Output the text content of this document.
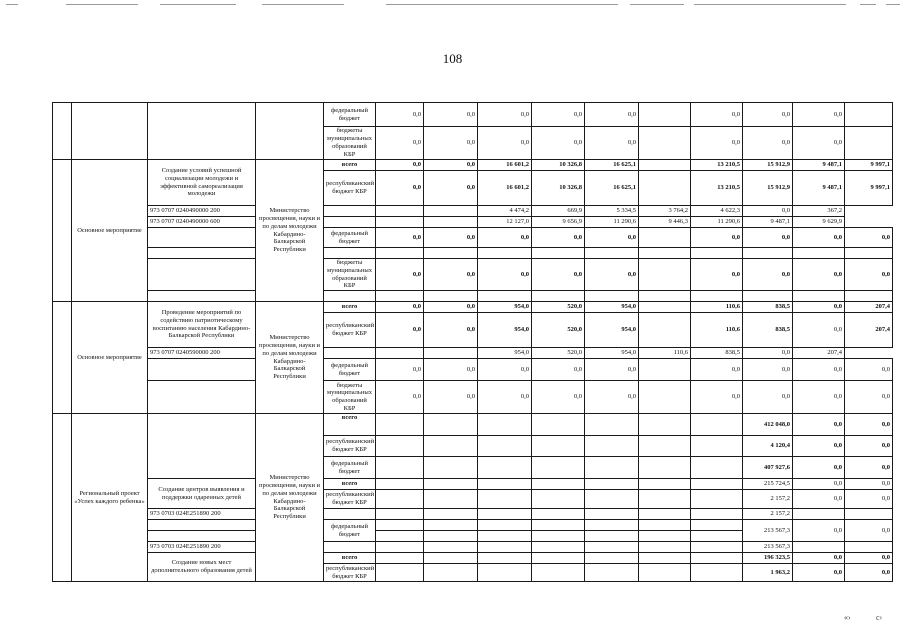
108
				федеральный бюджет	0,0	0,0	0,0	0,0	0,0		0,0	0,0	0,0	
				бюджеты муниципальных образований КБР	0,0	0,0	0,0	0,0	0,0		0,0	0,0	0,0	
	Основное мероприятие	Создание условий успешной социализации молодежи и эффективной самореализация молодежи	Министерство просвещения, науки и по делам молодежи Кабардино-Балкарской Республики	всего	0,0	0,0	16 601,2	10 326,8	16 625,1		13 210,5	15 912,9	9 487,1	9 997,1
				республиканский бюджет КБР	0,0	0,0	16 601,2	10 326,8	16 625,1		13 210,5	15 912,9	9 487,1	9 997,1
		973 0707 0240490000 200					4 474,2	669,9	5 334,5	3 764,2	4 622,3	0,0	367,2	
		973 0707 0240490000 600					12 127,0	9 656,9	11 290,6	9 446,3	11 290,6	9 487,1	9 629,9	
				федеральный бюджет	0,0	0,0	0,0	0,0	0,0		0,0	0,0	0,0	0,0

				бюджеты муниципальных образований КБР	0,0	0,0	0,0	0,0	0,0		0,0	0,0	0,0	0,0

	Основное мероприятие	Проведение мероприятий по содействию патриотическому воспитанию населения Кабардино-Балкарской Республики	Министерство просвещения, науки и по делам молодежи Кабардино-Балкарской Республики	всего	0,0	0,0	954,0	520,0	954,0		110,6	838,5	0,0	207,4
				республиканский бюджет КБР	0,0	0,0	954,0	520,0	954,0		110,6	838,5	0,0	207,4
		973 0707 0240590000 200					954,0	520,0	954,0	110,6	838,5	0,0	207,4	
				федеральный бюджет	0,0	0,0	0,0	0,0	0,0		0,0	0,0	0,0	0,0
				бюджеты муниципальных образований КБР	0,0	0,0	0,0	0,0	0,0		0,0	0,0	0,0	0,0
	Региональный проект «Успех каждого ребенка»		Министерство просвещения, науки и по делам молодежи Кабардино-Балкарской Республики	всего								412 048,0	0,0	0,0
				республиканский бюджет КБР								4 120,4	0,0	0,0
				федеральный бюджет								407 927,6	0,0	0,0
		Создание центров выявления и поддержки одаренных детей		всего								215 724,5	0,0	0,0
				республиканский бюджет КБР								2 157,2	0,0	0,0
		973 0703 024E251890 200										2 157,2		
				федеральный бюджет								213 567,3	0,0	0,0

		973 0703 024E251890 200										213 567,3		
		Создание новых мест дополнительного образования детей		всего								196 323,5	0,0	0,0
				республиканский бюджет КБР								1 963,2	0,0	0,0
«›	c›
